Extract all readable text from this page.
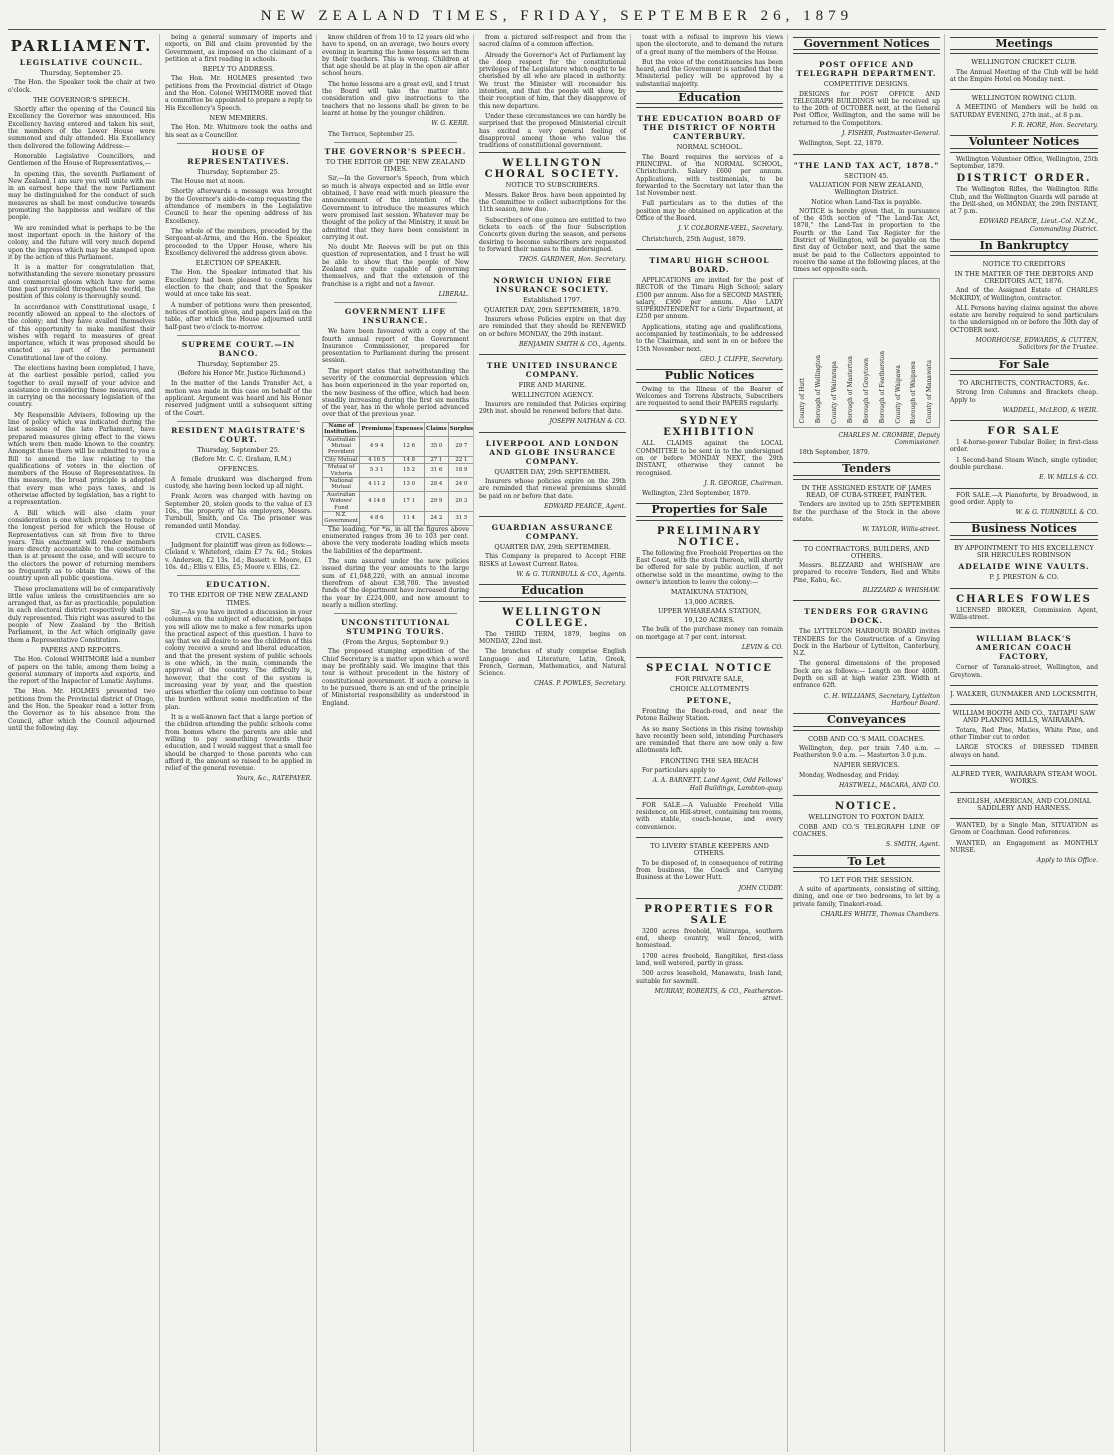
NEW ZEALAND TIMES, FRIDAY, SEPTEMBER 26, 1879
PARLIAMENT.
LEGISLATIVE COUNCIL.
Thursday, September 25.

The Hon. the Speaker took the chair at two o'clock.

THE GOVERNOR'S SPEECH.

Shortly after the opening of the Council his Excellency the Governor was announced. His Excellency having entered and taken his seat, the members of the Lower House were summoned and duly attended. His Excellency then delivered the following Address:—

Honorable Legislative Councillors, and Gentlemen of the House of Representatives,—

In opening this, the seventh Parliament of New Zealand, I am sure you will unite with me in an earnest hope that the new Parliament may be distinguished for the conduct of such measures as shall be most conducive towards promoting the happiness and welfare of the people.

We are reminded what is perhaps to be the most important epoch in the history of the colony, and the future will very much depend upon the impress which may be stamped upon it by the action of this Parliament.

It is a matter for congratulation that, notwithstanding the severe monetary pressure and commercial gloom which have for some time past prevailed throughout the world, the position of this colony is thoroughly sound.

In accordance with Constitutional usage, I recently allowed an appeal to the electors of the colony; and they have availed themselves of this opportunity to make manifest their wishes with regard to measures of great importance, which it was proposed should be enacted as part of the permanent Constitutional law of the colony.

The elections having been completed, I have, at the earliest possible period, called you together to avail myself of your advice and assistance in considering these measures, and in carrying on the necessary legislation of the country.

My Responsible Advisers, following up the line of policy which was indicated during the last session of the late Parliament, have prepared measures giving effect to the views which were then made known to the country. Amongst these there will be submitted to you a Bill to amend the law relating to the qualifications of voters in the election of members of the House of Representatives. In this measure, the broad principle is adopted that every man who pays taxes, and is otherwise affected by legislation, has a right to a representation.

A Bill which will also claim your consideration is one which proposes to reduce the longest period for which the House of Representatives can sit from five to three years. This enactment will render members more directly accountable to the constituents than is at present the case, and will secure to the electors the power of returning members so frequently as to obtain the views of the country upon all public questions.

These proclamations will be of comparatively little value unless the constituencies are so arranged that, as far as practicable, population in each electoral district respectively shall be duly represented. This right was assured to the people of New Zealand by the British Parliament, in the Act which originally gave them a Representative Constitution.

PAPERS AND REPORTS.

The Hon. Colonel WHITMORE laid a number of papers on the table, among them being a general summary of imports and exports, and the report of the Inspector of Lunatic Asylums.

The Hon. Mr. HOLMES presented two petitions from the Provincial district of Otago, and the Hon. the Speaker read a letter from the Governor as to his absence from the Council, after which the Council adjourned until the following day.

being a general summary of imports and exports, on Bill and claim prevented by the Government, as imposed on the claimant of a petition at a first reading in schools.

REPLY TO ADDRESS.

The Hon. Mr. HOLMES presented two petitions from the Provincial district of Otago and the Hon. Colonel WHITMORE moved that a committee be appointed to prepare a reply to His Excellency's Speech.

NEW MEMBERS.

The Hon. Mr. Whitmore took the oaths and his seat as a Councillor.

HOUSE OF REPRESENTATIVES.
Thursday, September 25.

The House met at noon.

Shortly afterwards a message was brought by the Governor's aide-de-camp requesting the attendance of members in the Legislative Council to hear the opening address of his Excellency.

The whole of the members, preceded by the Sergeant-at-Arms, and the Hon. the Speaker, proceeded to the Upper House, where his Excellency delivered the address given above.

ELECTION OF SPEAKER.

The Hon. the Speaker intimated that his Excellency had been pleased to confirm his election to the chair, and that the Speaker would at once take his seat.

A number of petitions were then presented, notices of motion given, and papers laid on the table, after which the House adjourned until half-past two o'clock to-morrow.

SUPREME COURT.—IN BANCO.
Thursday, September 25.

(Before his Honor Mr. Justice Richmond.)

In the matter of the Lands Transfer Act, a motion was made in this case on behalf of the applicant. Argument was heard and his Honor reserved judgment until a subsequent sitting of the Court.

RESIDENT MAGISTRATE'S COURT.
Thursday, September 25.

(Before Mr. C. C. Graham, R.M.)

OFFENCES.

A female drunkard was discharged from custody, she having been locked up all night.

Frank Acorn was charged with having on September 20, stolen goods to the value of £3 10s., the property of his employers, Messrs. Turnbull, Smith, and Co. The prisoner was remanded until Monday.

CIVIL CASES.

Judgment for plaintiff was given as follows:— Cleland v. Whiteford, claim £7 7s. 6d.; Stokes v. Anderson, £2 13s. 1d.; Bassett v. Moore, £1 10s. 4d.; Ellis v. Ellis, £5; Moore v. Ellis, £2.

EDUCATION.
TO THE EDITOR OF THE NEW ZEALAND TIMES.

Sir,—As you have invited a discussion in your columns on the subject of education, perhaps you will allow me to make a few remarks upon the practical aspect of this question. I have to say that we all desire to see the children of this colony receive a sound and liberal education, and that the present system of public schools is one which, in the main, commands the approval of the country. The difficulty is, however, that the cost of the system is increasing year by year, and the question arises whether the colony can continue to bear the burden without some modification of the plan.

It is a well-known fact that a large portion of the children attending the public schools come from homes where the parents are able and willing to pay something towards their education, and I would suggest that a small fee should be charged to those parents who can afford it, the amount so raised to be applied in relief of the general revenue.

Yours, &c., RATEPAYER.

know children of from 10 to 12 years old who have to spend, on an average, two hours every evening in learning the home lessons set them by their teachers. This is wrong. Children at that age should be at play in the open air after school hours.

The home lessons are a great evil, and I trust the Board will take the matter into consideration and give instructions to the teachers that no lessons shall be given to be learnt at home by the younger children.

W. G. KERR.

The Terrace, September 25.

THE GOVERNOR'S SPEECH.
TO THE EDITOR OF THE NEW ZEALAND TIMES.

Sir,—In the Governor's Speech, from which so much is always expected and so little ever obtained, I have read with much pleasure the announcement of the intention of the Government to introduce the measures which were promised last session. Whatever may be thought of the policy of the Ministry, it must be admitted that they have been consistent in carrying it out.

No doubt Mr. Reeves will be put on this question of representation, and I trust he will be able to show that the people of New Zealand are quite capable of governing themselves, and that the extension of the franchise is a right and not a favour.

LIBERAL.

GOVERNMENT LIFE INSURANCE.

We have been favoured with a copy of the fourth annual report of the Government Insurance Commissioner, prepared for presentation to Parliament during the present session.

The report states that notwithstanding the severity of the commercial depression which has been experienced in the year reported on, the new business of the office, which had been steadily increasing during the first six months of the year, has in the whole period advanced over that of the previous year.

Name of Institution.	Premiums	Expenses	Claims	Surplus
Australian Mutual Provident	4 9 4	12 6	35 0	29 7
City Mutual	4 16 5	14 8	27 1	22 1
Mutual of Victoria	5 3 1	15 2	31 6	18 9
National Mutual	4 11 2	13 0	28 4	24 0
Australian Widows' Fund	4 14 8	17 1	29 9	20 3
N.Z. Government	4 8 6	11 4	24 2	31 5

The leading, *or *is, in all the figures above enumerated ranges from 36 to 103 per cent. above the very moderate loading which meets the liabilities of the department.

The sum assured under the new policies issued during the year amounts to the large sum of £1,048,220, with an annual income therefrom of about £38,700. The invested funds of the department have increased during the year by £224,000, and now amount to nearly a million sterling.

UNCONSTITUTIONAL STUMPING TOURS.
(From the Argus, September 9.)

The proposed stumping expedition of the Chief Secretary is a matter upon which a word may be profitably said. We imagine that this tour is without precedent in the history of constitutional government. If such a course is to be pursued, there is an end of the principle of Ministerial responsibility as understood in England.

from a pictured self-respect and from the sacred claims of a common affection.

Already the Governor's Act of Parliament lay the deep respect for the constitutional privileges of the Legislature which ought to be cherished by all who are placed in authority. We trust the Minister will reconsider his intention, and that the people will show, by their reception of him, that they disapprove of this new departure.

Under these circumstances we can hardly be surprised that the proposed Ministerial circuit has excited a very general feeling of disapproval among those who value the traditions of constitutional government.

WELLINGTON CHORAL SOCIETY.
NOTICE TO SUBSCRIBERS.

Messrs. Baker Bros. have been appointed by the Committee to collect subscriptions for the 11th season, now due.

Subscribers of one guinea are entitled to two tickets to each of the four Subscription Concerts given during the season, and persons desiring to become subscribers are requested to forward their names to the undersigned.

THOS. GARDNER, Hon. Secretary.

NORWICH UNION FIRE INSURANCE SOCIETY.
Established 1797.
QUARTER DAY, 29th SEPTEMBER, 1879.

Insurers whose Policies expire on that day are reminded that they should be RENEWED on or before MONDAY, the 29th instant.

BENJAMIN SMITH & CO., Agents.

THE UNITED INSURANCE COMPANY.
FIRE AND MARINE.
WELLINGTON AGENCY.

Insurers are reminded that Policies expiring 29th inst. should be renewed before that date.

JOSEPH NATHAN & CO.

LIVERPOOL AND LONDON AND GLOBE INSURANCE COMPANY.
QUARTER DAY, 29th SEPTEMBER.

Insurers whose policies expire on the 29th are reminded that renewal premiums should be paid on or before that date.

EDWARD PEARCE, Agent.

GUARDIAN ASSURANCE COMPANY.
QUARTER DAY, 29th SEPTEMBER.

This Company is prepared to Accept FIRE RISKS at Lowest Current Rates.

W. & G. TURNBULL & CO., Agents.

Education
WELLINGTON COLLEGE.

The THIRD TERM, 1879, begins on MONDAY, 22nd inst.

The branches of study comprise English Language and Literature, Latin, Greek, French, German, Mathematics, and Natural Science.

CHAS. P. POWLES, Secretary.

toast with a refusal to improve his views upon the electorate, and to demand the return of a great many of the members of the House.

But the voice of the constituencies has been heard, and the Government is satisfied that the Ministerial policy will be approved by a substantial majority.

Education
THE EDUCATION BOARD OF THE DISTRICT OF NORTH CANTERBURY.
NORMAL SCHOOL.

The Board requires the services of a PRINCIPAL of the NORMAL SCHOOL, Christchurch. Salary £600 per annum. Applications, with testimonials, to be forwarded to the Secretary not later than the 1st November next.

Full particulars as to the duties of the position may be obtained on application at the Office of the Board.

J. V. COLBORNE-VEEL, Secretary.

Christchurch, 25th August, 1879.

TIMARU HIGH SCHOOL BOARD.

APPLICATIONS are invited for the post of RECTOR of the Timaru High School; salary £500 per annum. Also for a SECOND MASTER; salary, £300 per annum. Also LADY SUPERINTENDENT for a Girls' Department, at £250 per annum.

Applications, stating age and qualifications, accompanied by testimonials, to be addressed to the Chairman, and sent in on or before the 15th November next.

GEO. J. CLIFFE, Secretary.

Public Notices

Owing to the Illness of the Bearer of Welcomes and Torrens Abstracts, Subscribers are requested to send their PAPERS regularly.

SYDNEY EXHIBITION

ALL CLAIMS against the LOCAL COMMITTEE to be sent in to the undersigned on or before MONDAY NEXT, the 29th INSTANT, otherwise they cannot be recognised.

J. R. GEORGE, Chairman.

Wellington, 23rd September, 1879.

Properties for Sale
PRELIMINARY NOTICE.

The following five Freehold Properties on the East Coast, with the stock thereon, will shortly be offered for sale by public auction, if not otherwise sold in the meantime, owing to the owner's intention to leave the colony:—

MATAIKUNA STATION,
13,000 ACRES.
UPPER WHAREAMA STATION,
19,120 ACRES.

The bulk of the purchase money can remain on mortgage at 7 per cent. interest.

LEVIN & CO.

SPECIAL NOTICE
FOR PRIVATE SALE,
CHOICE ALLOTMENTS
PETONE,

Fronting the Beach-road, and near the Petone Railway Station.

As so many Sections in this rising township have recently been sold, intending Purchasers are reminded that there are now only a few allotments left.

FRONTING THE SEA BEACH

For particulars apply to

A. A. BARNETT, Land Agent, Odd Fellows' Hall Buildings, Lambton-quay.

FOR SALE.—A Valuable Freehold Villa residence, on Hill-street, containing ten rooms, with stable, coach-house, and every convenience.

TO LIVERY STABLE KEEPERS AND OTHERS.

To be disposed of, in consequence of retiring from business, the Coach and Carrying Business at the Lower Hutt.

JOHN CUDBY.

PROPERTIES FOR SALE

3200 acres freehold, Wairarapa, southern end, sheep country, well fenced, with homestead.

1700 acres freehold, Rangitikei, first-class land, well watered, partly in grass.

500 acres leasehold, Manawatu, bush land, suitable for sawmill.

MURRAY, ROBERTS, & CO., Featherston-street.

Government Notices
POST OFFICE AND TELEGRAPH DEPARTMENT.
COMPETITIVE DESIGNS.

DESIGNS for POST OFFICE AND TELEGRAPH BUILDINGS will be received up to the 20th of OCTOBER next, at the General Post Office, Wellington, and the same will be returned to the Competitors.

J. FISHER, Postmaster-General.

Wellington, Sept. 22, 1879.

"THE LAND TAX ACT, 1878."
SECTION 45.
VALUATION FOR NEW ZEALAND, Wellington District.
Notice when Land-Tax is payable.

NOTICE is hereby given that, in pursuance of the 45th section of "The Land-Tax Act, 1878," the Land-Tax in proportion to the Fourth or the Land Tax Register for the District of Wellington, will be payable on the first day of October next, and that the same must be paid to the Collectors appointed to receive the same at the following places, at the times set opposite each.

County of Hutt Borough of Wellington County of Wairarapa Borough of Masterton Borough of Greytown Borough of Featherston County of Waipawa Borough of Waipawa County of Manawatu

CHARLES M. CROMBIE, Deputy Commissioner.

18th September, 1879.

Tenders
IN THE ASSIGNED ESTATE OF JAMES READ, OF CUBA-STREET, PAINTER.

Tenders are invited up to 25th SEPTEMBER for the purchase of the Stock in the above estate.

W. TAYLOR, Willis-street.

TO CONTRACTORS, BUILDERS, AND OTHERS.

Messrs. BLIZZARD and WHISHAW are prepared to receive Tenders, Red and White Pine, Kahu, &c.

BLIZZARD & WHISHAW.

TENDERS FOR GRAVING DOCK.

The LYTTELTON HARBOUR BOARD invites TENDERS for the Construction of a Graving Dock in the Harbour of Lyttelton, Canterbury, N.Z.

The general dimensions of the proposed Dock are as follows:— Length on floor 400ft. Depth on sill at high water 23ft. Width at entrance 62ft.

C. H. WILLIAMS, Secretary, Lyttelton Harbour Board.

Conveyances
COBB AND CO.'S MAIL COACHES.

Wellington, dep. per train 7.40 a.m. — Featherston 9.0 a.m. — Masterton 3.0 p.m.

NAPIER SERVICES.

Monday, Wednesday, and Friday.

HASTWELL, MACARA, AND CO.

NOTICE.
WELLINGTON TO FOXTON DAILY.

COBB AND CO.'S TELEGRAPH LINE OF COACHES.

S. SMITH, Agent.

To Let
TO LET FOR THE SESSION.

A suite of apartments, consisting of sitting, dining, and one or two bedrooms, to let by a private family, Tinakori-road.

CHARLES WHITE, Thomas Chambers.

Meetings
WELLINGTON CRICKET CLUB.

The Annual Meeting of the Club will be held at the Empire Hotel on Monday next.

WELLINGTON ROWING CLUB.

A MEETING of Members will be held on SATURDAY EVENING, 27th inst., at 8 p.m.

F. R. HORE, Hon. Secretary.

Volunteer Notices

Wellington Volunteer Office, Wellington, 25th September, 1879.

DISTRICT ORDER.

The Wellington Rifles, the Wellington Rifle Club, and the Wellington Guards will parade at the Drill-shed, on MONDAY, the 29th INSTANT, at 7 p.m.

EDWARD PEARCE, Lieut.-Col. N.Z.M., Commanding District.

In Bankruptcy
NOTICE TO CREDITORS
IN THE MATTER OF THE DEBTORS AND CREDITORS ACT, 1876.

And of the Assigned Estate of CHARLES McKIRDY, of Wellington, contractor.

ALL Persons having claims against the above estate are hereby required to send particulars to the undersigned on or before the 30th day of OCTOBER next.

MOORHOUSE, EDWARDS, & CUTTEN, Solicitors for the Trustee.

For Sale
TO ARCHITECTS, CONTRACTORS, &c.

Strong Iron Columns and Brackets cheap. Apply to

WADDELL, McLEOD, & WEIR.

FOR SALE

1 4-horse-power Tubular Boiler, in first-class order.

1 Second-hand Steam Winch, single cylinder, double purchase.

E. W. MILLS & CO.

FOR SALE.—A Pianoforte, by Broadwood, in good order. Apply to

W. & G. TURNBULL & CO.

Business Notices
BY APPOINTMENT TO HIS EXCELLENCY SIR HERCULES ROBINSON
ADELAIDE WINE VAULTS.
P. J. PRESTON & CO.
CHARLES FOWLES

LICENSED BROKER, Commission Agent, Willis-street.

WILLIAM BLACK'S AMERICAN COACH FACTORY,

Corner of Taranaki-street, Wellington, and Greytown.

J. WALKER, GUNMAKER AND LOCKSMITH,
WILLIAM BOOTH AND CO., TAITAPU SAW AND PLANING MILLS, WAIRARAPA.

Totara, Red Pine, Maties, White Pine, and other Timber cut to order.

LARGE STOCKS of DRESSED TIMBER always on hand.

ALFRED TYER, WAIRARAPA STEAM WOOL WORKS.
ENGLISH, AMERICAN, AND COLONIAL SADDLERY AND HARNESS.

WANTED, by a Single Man, SITUATION as Groom or Coachman. Good references.

WANTED, an Engagement as MONTHLY NURSE.

Apply to this Office.
